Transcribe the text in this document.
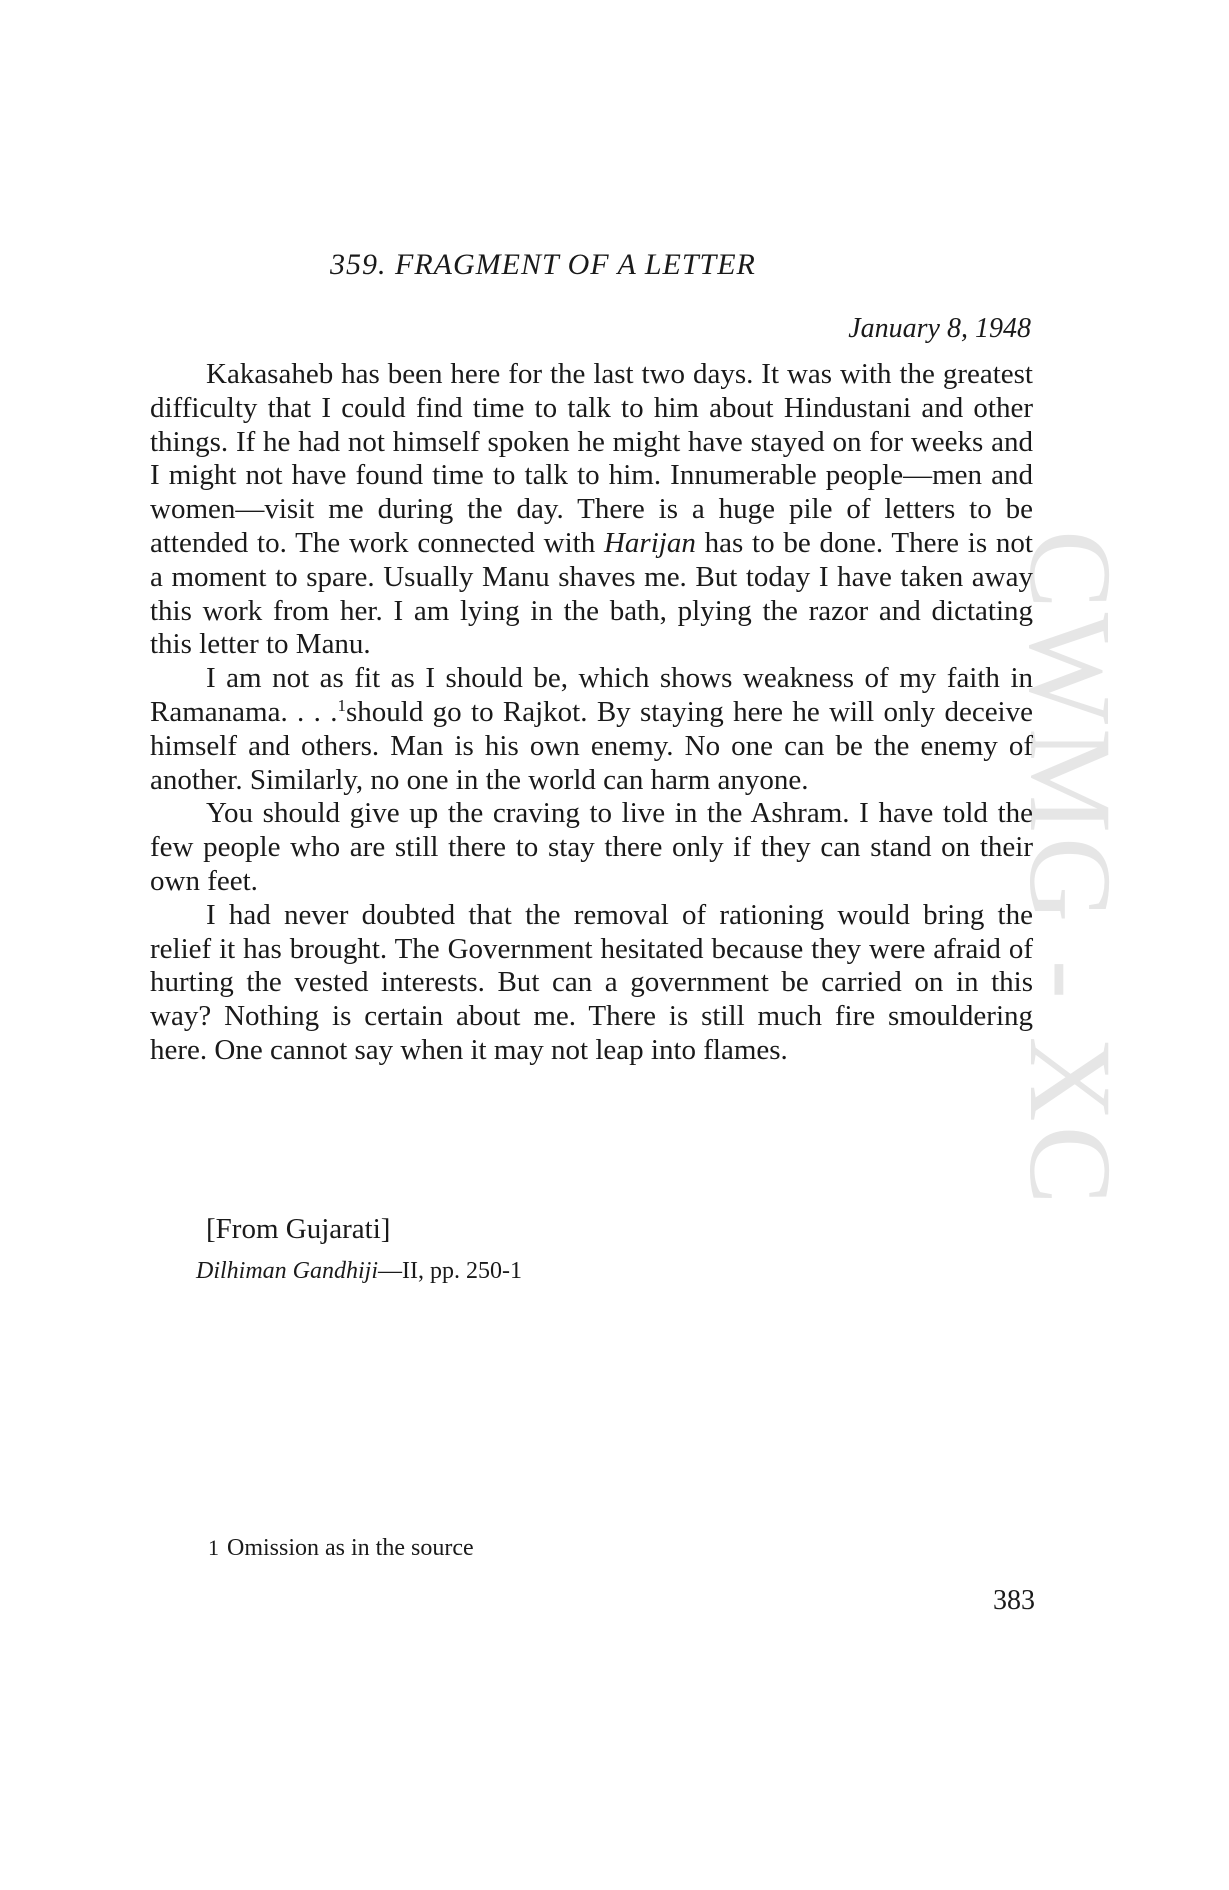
CWMG - XC
359. FRAGMENT OF A LETTER
January 8, 1948

Kakasaheb has been here for the last two days. It was with the greatest difficulty that I could find time to talk to him about Hindustani and other things. If he had not himself spoken he might have stayed on for weeks and I might not have found time to talk to him. Innumerable people—men and women—visit me during the day. There is a huge pile of letters to be attended to. The work connected with Harijan has to be done. There is not a moment to spare. Usually Manu shaves me. But today I have taken away this work from her. I am lying in the bath, plying the razor and dictating this letter to Manu.

I am not as fit as I should be, which shows weakness of my faith in Ramanama. . . .$^1$should go to Rajkot. By staying here he will only deceive himself and others. Man is his own enemy. No one can be the enemy of another. Similarly, no one in the world can harm anyone.

You should give up the craving to live in the Ashram. I have told the few people who are still there to stay there only if they can stand on their own feet.

I had never doubted that the removal of rationing would bring the relief it has brought. The Government hesitated because they were afraid of hurting the vested interests. But can a government be carried on in this way? Nothing is certain about me. There is still much fire smouldering here. One cannot say when it may not leap into flames.

[From Gujarati]
Dilhiman Gandhiji—II, pp. 250-1
1 Omission as in the source
383
